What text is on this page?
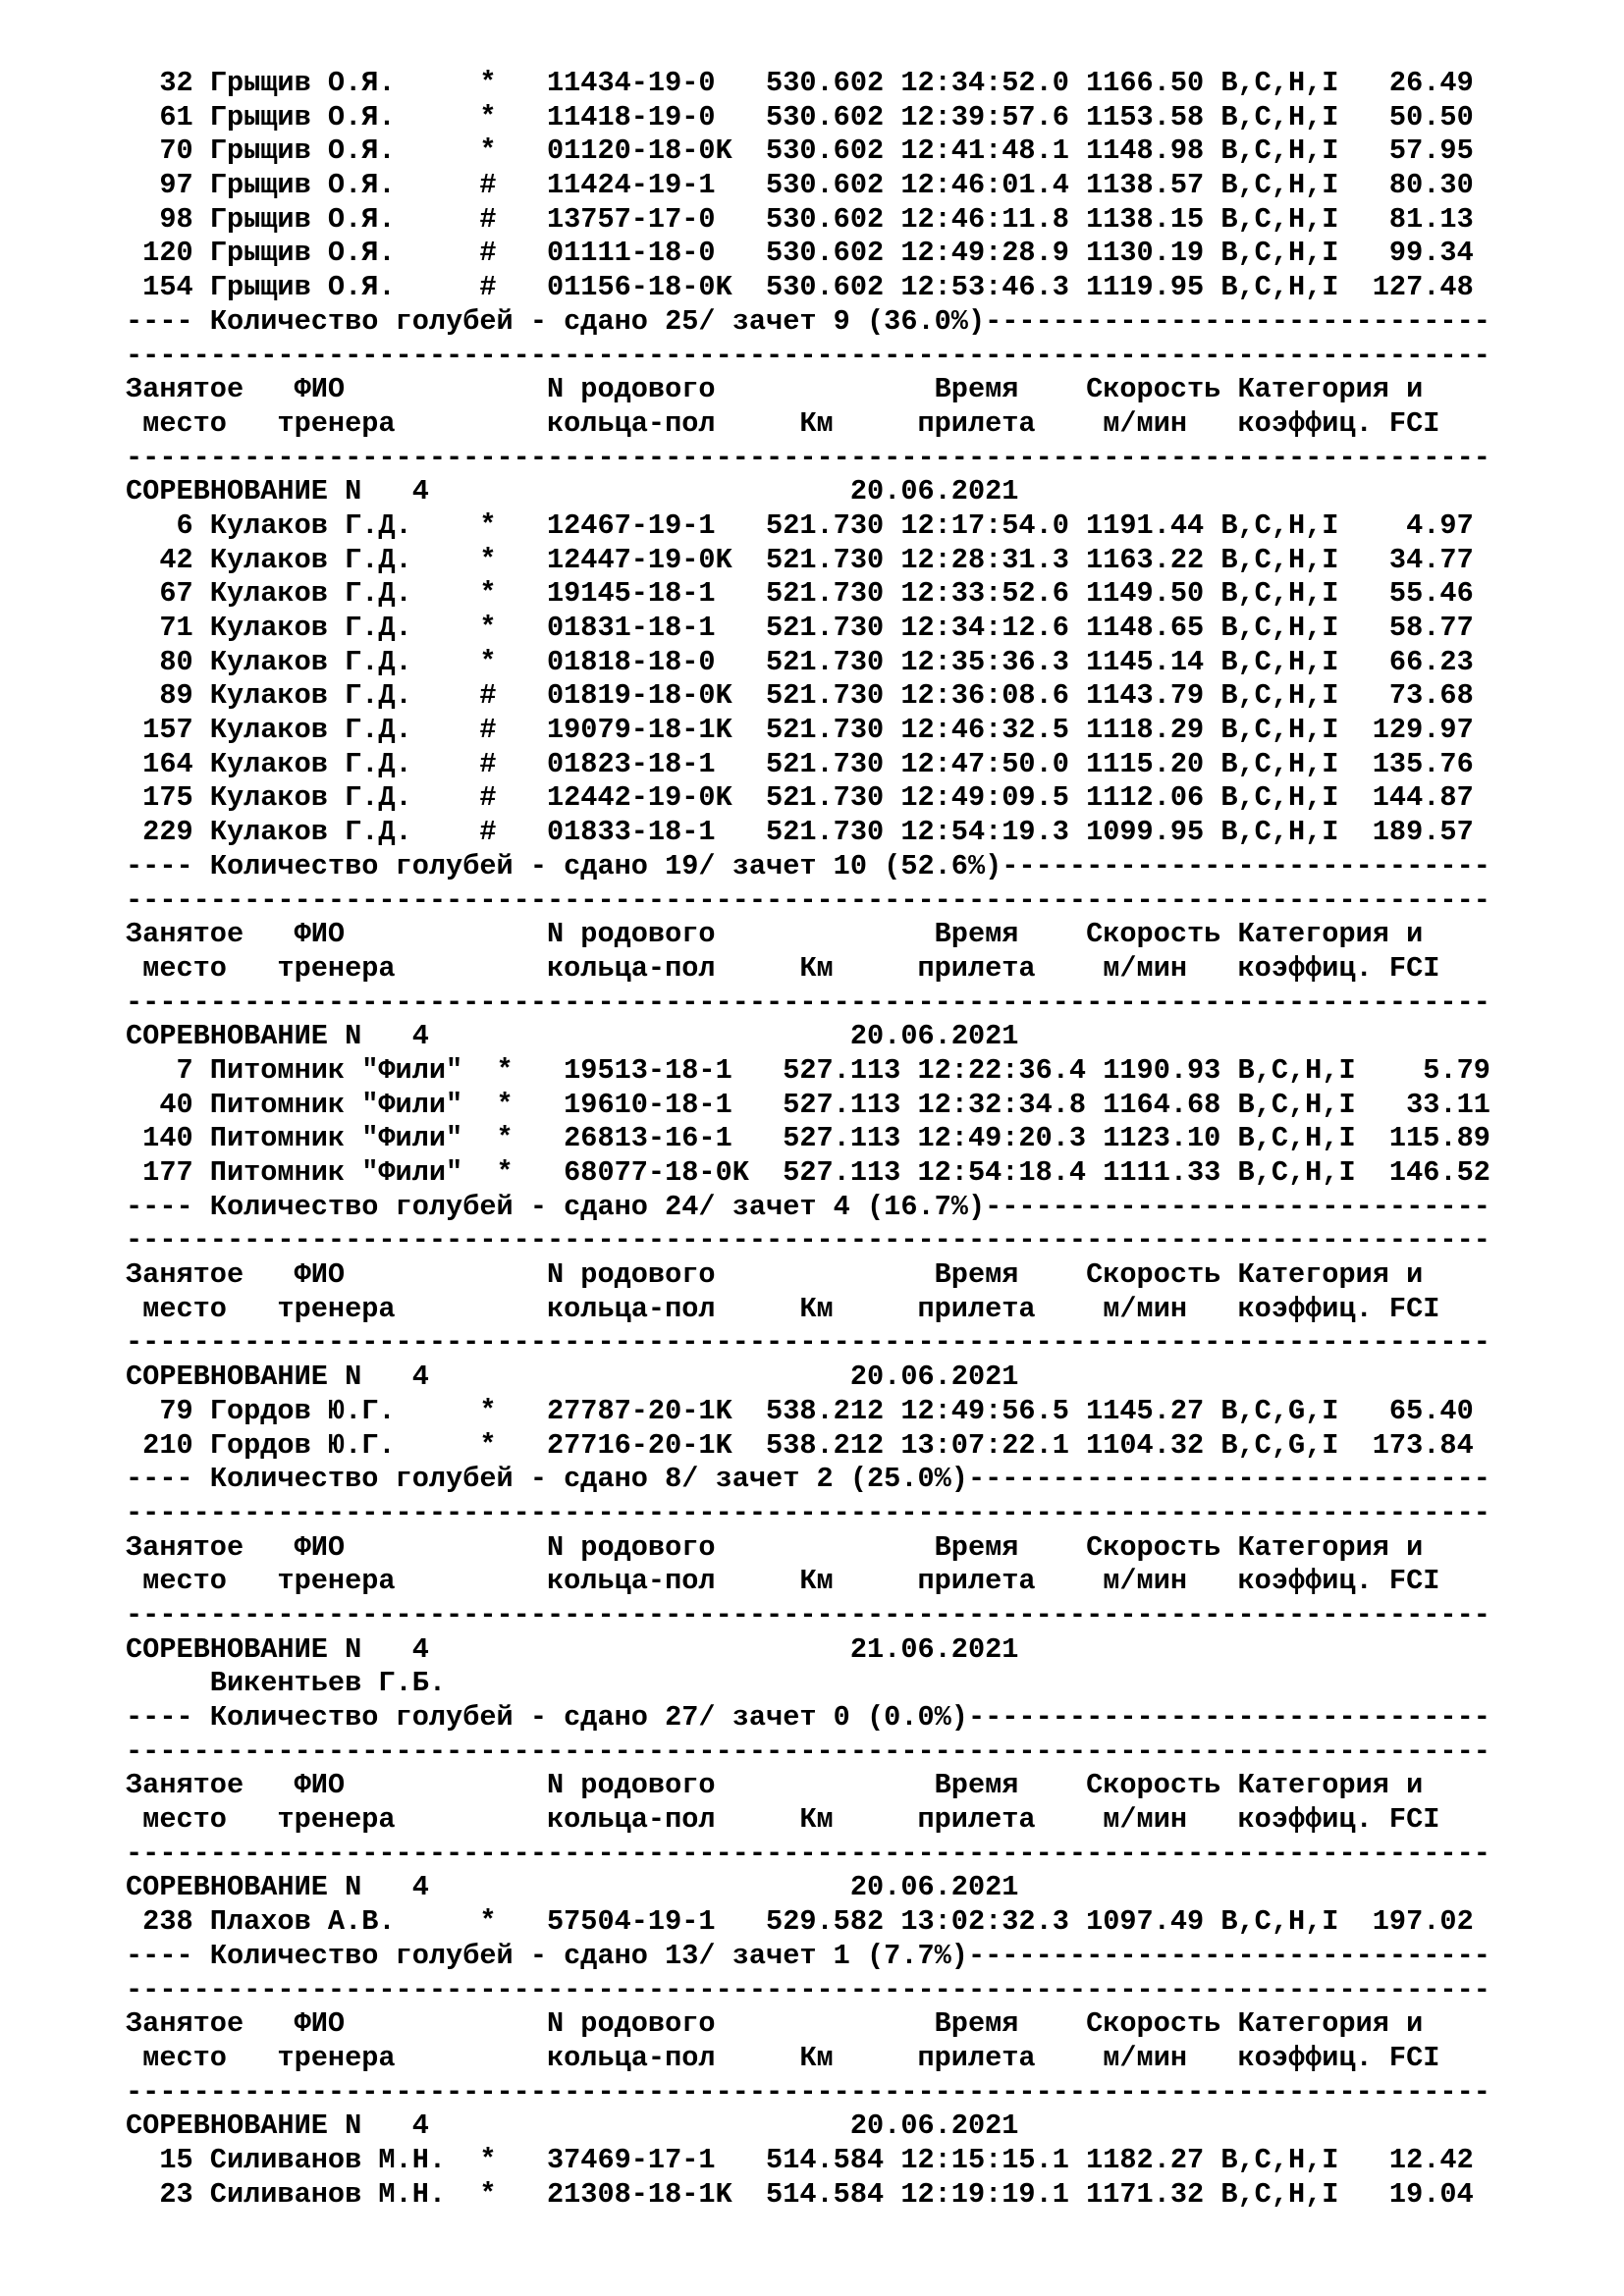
32 Грыщив О.Я.     *   11434-19-0   530.602 12:34:52.0 1166.50 B,C,H,I   26.49
61 Грыщив О.Я.     *   11418-19-0   530.602 12:39:57.6 1153.58 B,C,H,I   50.50
70 Грыщив О.Я.     *   01120-18-0K  530.602 12:41:48.1 1148.98 B,C,H,I   57.95
97 Грыщив О.Я.     #   11424-19-1   530.602 12:46:01.4 1138.57 B,C,H,I   80.30
98 Грыщив О.Я.     #   13757-17-0   530.602 12:46:11.8 1138.15 B,C,H,I   81.13
120 Грыщив О.Я.     #   01111-18-0   530.602 12:49:28.9 1130.19 B,C,H,I   99.34
154 Грыщив О.Я.     #   01156-18-0K  530.602 12:53:46.3 1119.95 B,C,H,I  127.48
---- Количество голубей - сдано 25/ зачет 9 (36.0%)------------------------------
---------------------------------------------------------------------------------
Занятое   ФИО            N родового             Время    Скорость Категория и
место   тренера         кольца-пол     Км     прилета    м/мин   коэффиц. FCI
---------------------------------------------------------------------------------
СОРЕВНОВАНИЕ N   4                         20.06.2021
6 Кулаков Г.Д.    *   12467-19-1   521.730 12:17:54.0 1191.44 B,C,H,I    4.97
42 Кулаков Г.Д.    *   12447-19-0K  521.730 12:28:31.3 1163.22 B,C,H,I   34.77
67 Кулаков Г.Д.    *   19145-18-1   521.730 12:33:52.6 1149.50 B,C,H,I   55.46
71 Кулаков Г.Д.    *   01831-18-1   521.730 12:34:12.6 1148.65 B,C,H,I   58.77
80 Кулаков Г.Д.    *   01818-18-0   521.730 12:35:36.3 1145.14 B,C,H,I   66.23
89 Кулаков Г.Д.    #   01819-18-0K  521.730 12:36:08.6 1143.79 B,C,H,I   73.68
157 Кулаков Г.Д.    #   19079-18-1K  521.730 12:46:32.5 1118.29 B,C,H,I  129.97
164 Кулаков Г.Д.    #   01823-18-1   521.730 12:47:50.0 1115.20 B,C,H,I  135.76
175 Кулаков Г.Д.    #   12442-19-0K  521.730 12:49:09.5 1112.06 B,C,H,I  144.87
229 Кулаков Г.Д.    #   01833-18-1   521.730 12:54:19.3 1099.95 B,C,H,I  189.57
---- Количество голубей - сдано 19/ зачет 10 (52.6%)-----------------------------
---------------------------------------------------------------------------------
Занятое   ФИО            N родового             Время    Скорость Категория и
место   тренера         кольца-пол     Км     прилета    м/мин   коэффиц. FCI
---------------------------------------------------------------------------------
СОРЕВНОВАНИЕ N   4                         20.06.2021
7 Питомник "Фили"  *   19513-18-1   527.113 12:22:36.4 1190.93 B,C,H,I    5.79
40 Питомник "Фили"  *   19610-18-1   527.113 12:32:34.8 1164.68 B,C,H,I   33.11
140 Питомник "Фили"  *   26813-16-1   527.113 12:49:20.3 1123.10 B,C,H,I  115.89
177 Питомник "Фили"  *   68077-18-0K  527.113 12:54:18.4 1111.33 B,C,H,I  146.52
---- Количество голубей - сдано 24/ зачет 4 (16.7%)------------------------------
---------------------------------------------------------------------------------
Занятое   ФИО            N родового             Время    Скорость Категория и
место   тренера         кольца-пол     Км     прилета    м/мин   коэффиц. FCI
---------------------------------------------------------------------------------
СОРЕВНОВАНИЕ N   4                         20.06.2021
79 Гордов Ю.Г.     *   27787-20-1K  538.212 12:49:56.5 1145.27 B,C,G,I   65.40
210 Гордов Ю.Г.     *   27716-20-1K  538.212 13:07:22.1 1104.32 B,C,G,I  173.84
---- Количество голубей - сдано 8/ зачет 2 (25.0%)-------------------------------
---------------------------------------------------------------------------------
Занятое   ФИО            N родового             Время    Скорость Категория и
место   тренера         кольца-пол     Км     прилета    м/мин   коэффиц. FCI
---------------------------------------------------------------------------------
СОРЕВНОВАНИЕ N   4                         21.06.2021
Викентьев Г.Б.
---- Количество голубей - сдано 27/ зачет 0 (0.0%)-------------------------------
---------------------------------------------------------------------------------
Занятое   ФИО            N родового             Время    Скорость Категория и
место   тренера         кольца-пол     Км     прилета    м/мин   коэффиц. FCI
---------------------------------------------------------------------------------
СОРЕВНОВАНИЕ N   4                         20.06.2021
238 Плахов А.В.     *   57504-19-1   529.582 13:02:32.3 1097.49 B,C,H,I  197.02
---- Количество голубей - сдано 13/ зачет 1 (7.7%)-------------------------------
---------------------------------------------------------------------------------
Занятое   ФИО            N родового             Время    Скорость Категория и
место   тренера         кольца-пол     Км     прилета    м/мин   коэффиц. FCI
---------------------------------------------------------------------------------
СОРЕВНОВАНИЕ N   4                         20.06.2021
15 Силиванов М.Н.  *   37469-17-1   514.584 12:15:15.1 1182.27 B,C,H,I   12.42
23 Силиванов М.Н.  *   21308-18-1K  514.584 12:19:19.1 1171.32 B,C,H,I   19.04
